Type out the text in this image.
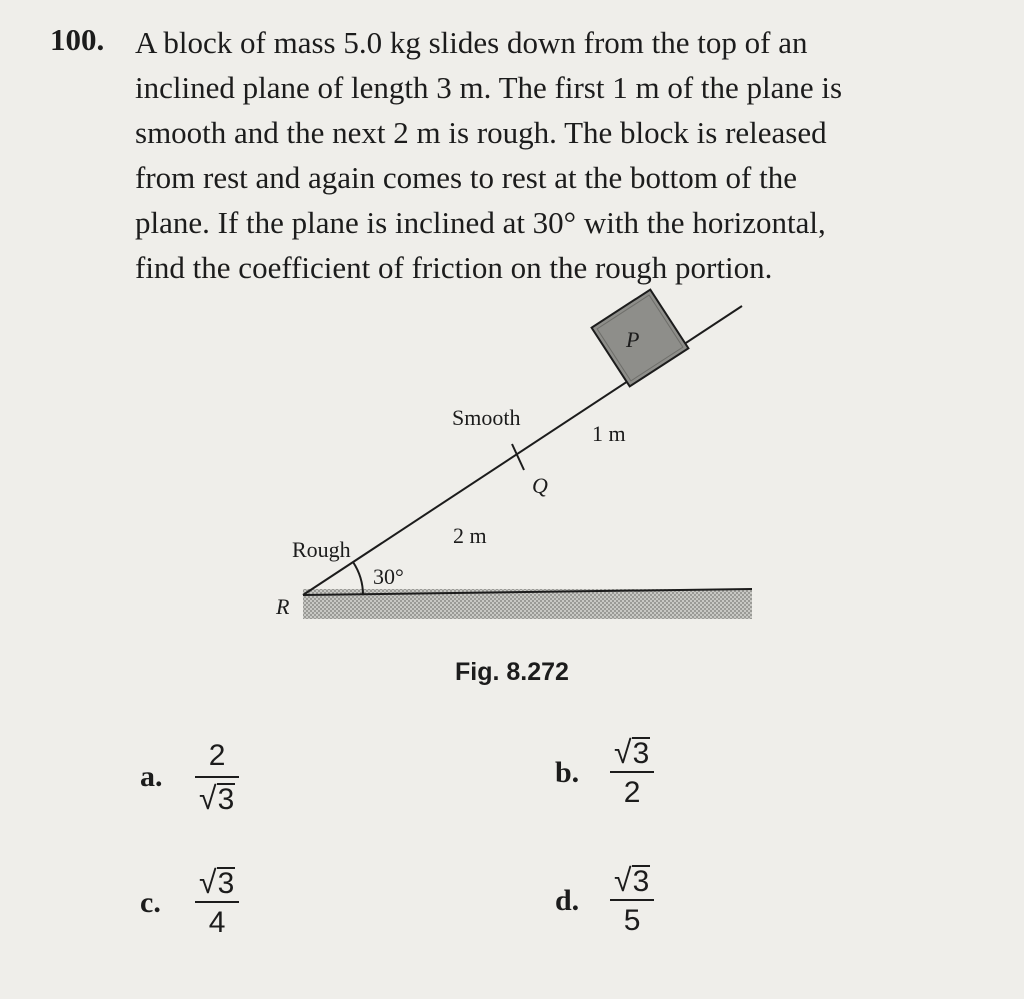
100. A block of mass 5.0 kg slides down from the top of an
inclined plane of length 3 m. The first 1 m of the plane is
smooth and the next 2 m is rough. The block is released
from rest and again comes to rest at the bottom of the
plane. If the plane is inclined at 30° with the horizontal,
find the coefficient of friction on the rough portion.

P
Smooth
1 m
Q
2 m
Rough
30°
R
Fig. 8.272
a.	$\frac{2}{√ 3}$	b. $\frac{√ 3}{2}$
c.	$\frac{√ 3}{4}$	d. $\frac{√ 3}{5}$
